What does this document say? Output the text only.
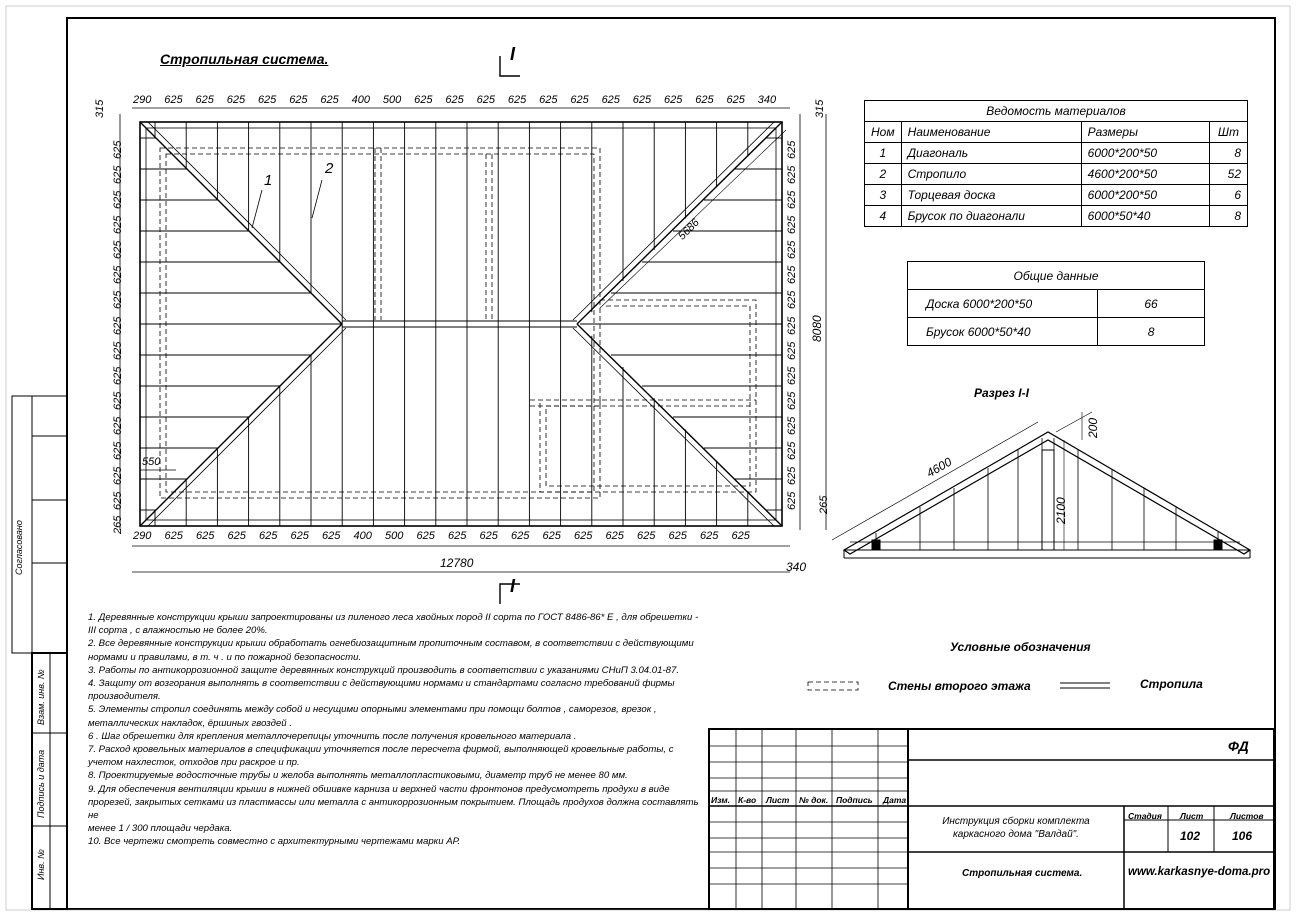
Согласовано
Взам. инв. №
Подпись и дата
Инв. №
Стропильная система.
290 625 625 625 625 625 625 400 500 625 625 625 625 625 625 625 625 625 625 625 340
290 625 625 625 625 625 625 400 500 625 625 625 625 625 625 625 625 625 625 625
625
625
625
625
625
625
625
625
625
625
625
625
625
625
625
625
625
625
625
625
625
625
625
625
625
625
625
625
625
625
315	315
265
265
340
12780
8080
5686
550
1
2
I
I
Ведомость материалов			
Ном	Наименование	Размеры	Шт
1	Диагональ	6000*200*50	8
2	Стропило	4600*200*50	52
3	Торцевая доска	6000*200*50	6
4	Брусок по диагонали	6000*50*40	8
Общие данные	
Доска 6000*200*50	66
Брусок 6000*50*40	8
Разрез I-I
4600
2100
200
Условные обозначения
Стены второго этажа	Стропила

1. Деревянные конструкции крыши запроектированы из пиленого леса хвойных пород II сорта по ГОСТ 8486-86* Е , для обрешетки -

III сорта , с влажностью не более 20%.

2. Все деревянные конструкции крыши обработать огнебиозащитным пропиточным составом, в соответствии с действующими

нормами и правилами, в т. ч . и по пожарной безопасности.

3. Работы по антикоррозионной защите деревянных конструкций производить в соответствии с указаниями СНиП 3.04.01-87.

4. Защиту от возгорания выполнять в соответствии с действующими нормами и стандартами согласно требований фирмы

производителя.

5. Элементы стропил соединять между собой и несущими опорными элементами при помощи болтов , саморезов, врезок ,

металлических накладок, ёршиных гвоздей .

6 . Шаг обрешетки для крепления металлочерепицы уточнить после получения кровельного материала .

7. Расход кровельных материалов в спецификации уточняется после пересчета фирмой, выполняющей кровельные работы, с

учетом нахлесток, отходов при раскрое и пр.

8. Проектируемые водосточные трубы и желоба выполнять металлопластиковыми, диаметр труб не менее 80 мм.

9. Для обеспечения вентиляции крыши в нижней обшивке карниза и верхней части фронтонов предусмотреть продухи в виде

прорезей, закрытых сетками из пластмассы или металла с антикоррозионным покрытием. Площадь продухов должна составлять не

менее 1 / 300 площади чердака.

10. Все чертежи смотреть совместно с архитектурными чертежами марки АР.

Изм. К-во Лист № док. Подпись Дата
ФД
Инструкция сборки комплекта каркасного дома "Валдай".
Стадия Лист	Листов
102	106
Стропильная система.	www.karkasnye-doma.pro
